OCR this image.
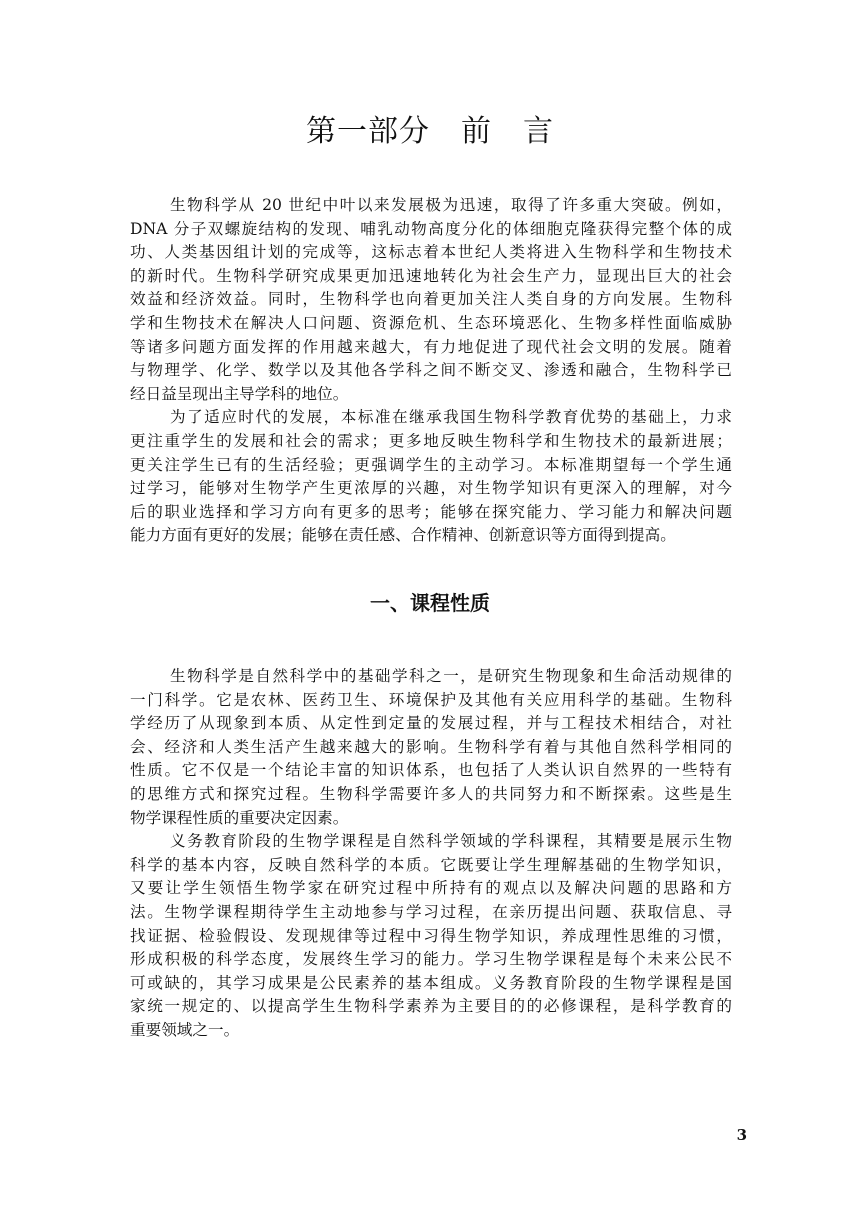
第一部分　前　言
生物科学从 20 世纪中叶以来发展极为迅速，取得了许多重大突破。例如，
DNA 分子双螺旋结构的发现、哺乳动物高度分化的体细胞克隆获得完整个体的成
功、人类基因组计划的完成等，这标志着本世纪人类将进入生物科学和生物技术
的新时代。生物科学研究成果更加迅速地转化为社会生产力，显现出巨大的社会
效益和经济效益。同时，生物科学也向着更加关注人类自身的方向发展。生物科
学和生物技术在解决人口问题、资源危机、生态环境恶化、生物多样性面临威胁
等诸多问题方面发挥的作用越来越大，有力地促进了现代社会文明的发展。随着
与物理学、化学、数学以及其他各学科之间不断交叉、渗透和融合，生物科学已
经日益呈现出主导学科的地位。
为了适应时代的发展，本标准在继承我国生物科学教育优势的基础上，力求
更注重学生的发展和社会的需求；更多地反映生物科学和生物技术的最新进展；
更关注学生已有的生活经验；更强调学生的主动学习。本标准期望每一个学生通
过学习，能够对生物学产生更浓厚的兴趣，对生物学知识有更深入的理解，对今
后的职业选择和学习方向有更多的思考；能够在探究能力、学习能力和解决问题
能力方面有更好的发展；能够在责任感、合作精神、创新意识等方面得到提高。
一、课程性质
生物科学是自然科学中的基础学科之一，是研究生物现象和生命活动规律的
一门科学。它是农林、医药卫生、环境保护及其他有关应用科学的基础。生物科
学经历了从现象到本质、从定性到定量的发展过程，并与工程技术相结合，对社
会、经济和人类生活产生越来越大的影响。生物科学有着与其他自然科学相同的
性质。它不仅是一个结论丰富的知识体系，也包括了人类认识自然界的一些特有
的思维方式和探究过程。生物科学需要许多人的共同努力和不断探索。这些是生
物学课程性质的重要决定因素。
义务教育阶段的生物学课程是自然科学领域的学科课程，其精要是展示生物
科学的基本内容，反映自然科学的本质。它既要让学生理解基础的生物学知识，
又要让学生领悟生物学家在研究过程中所持有的观点以及解决问题的思路和方
法。生物学课程期待学生主动地参与学习过程，在亲历提出问题、获取信息、寻
找证据、检验假设、发现规律等过程中习得生物学知识，养成理性思维的习惯，
形成积极的科学态度，发展终生学习的能力。学习生物学课程是每个未来公民不
可或缺的，其学习成果是公民素养的基本组成。义务教育阶段的生物学课程是国
家统一规定的、以提高学生生物科学素养为主要目的的必修课程，是科学教育的
重要领域之一。
3
